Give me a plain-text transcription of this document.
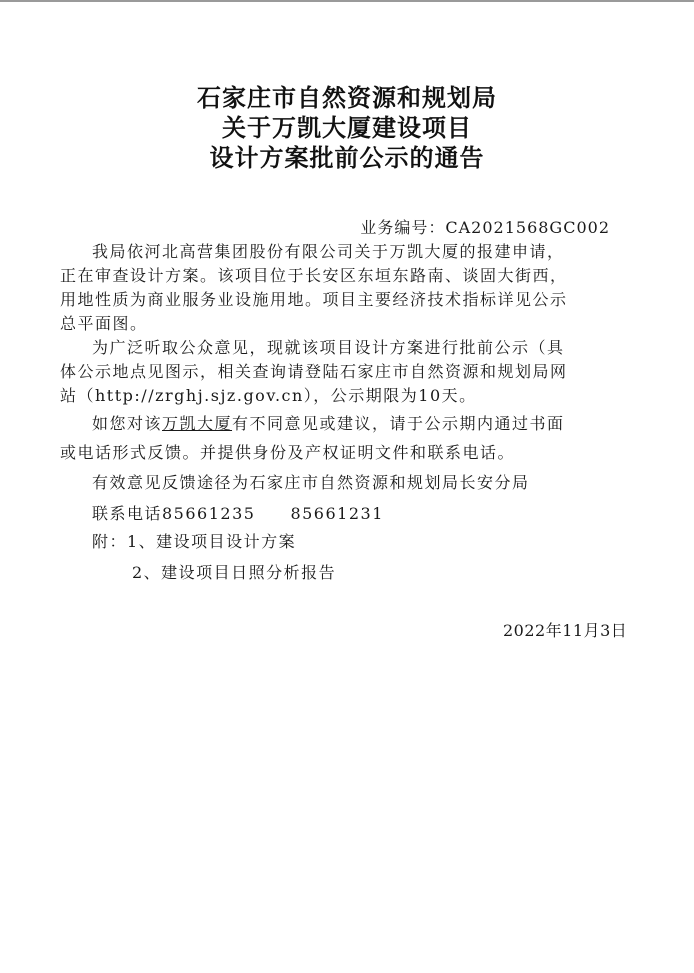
石家庄市自然资源和规划局
关于万凯大厦建设项目
设计方案批前公示的通告
业务编号：CA2021568GC002
我局依河北高营集团股份有限公司关于万凯大厦的报建申请，
正在审查设计方案。该项目位于长安区东垣东路南、谈固大街西，
用地性质为商业服务业设施用地。项目主要经济技术指标详见公示
总平面图。
为广泛听取公众意见，现就该项目设计方案进行批前公示（具
体公示地点见图示，相关查询请登陆石家庄市自然资源和规划局网
站（http://zrghj.sjz.gov.cn），公示期限为10天。
如您对该万凯大厦有不同意见或建议，请于公示期内通过书面
或电话形式反馈。并提供身份及产权证明文件和联系电话。
有效意见反馈途径为石家庄市自然资源和规划局长安分局
联系电话85661235　　85661231
附：1、建设项目设计方案
2、建设项目日照分析报告
2022年11月3日
